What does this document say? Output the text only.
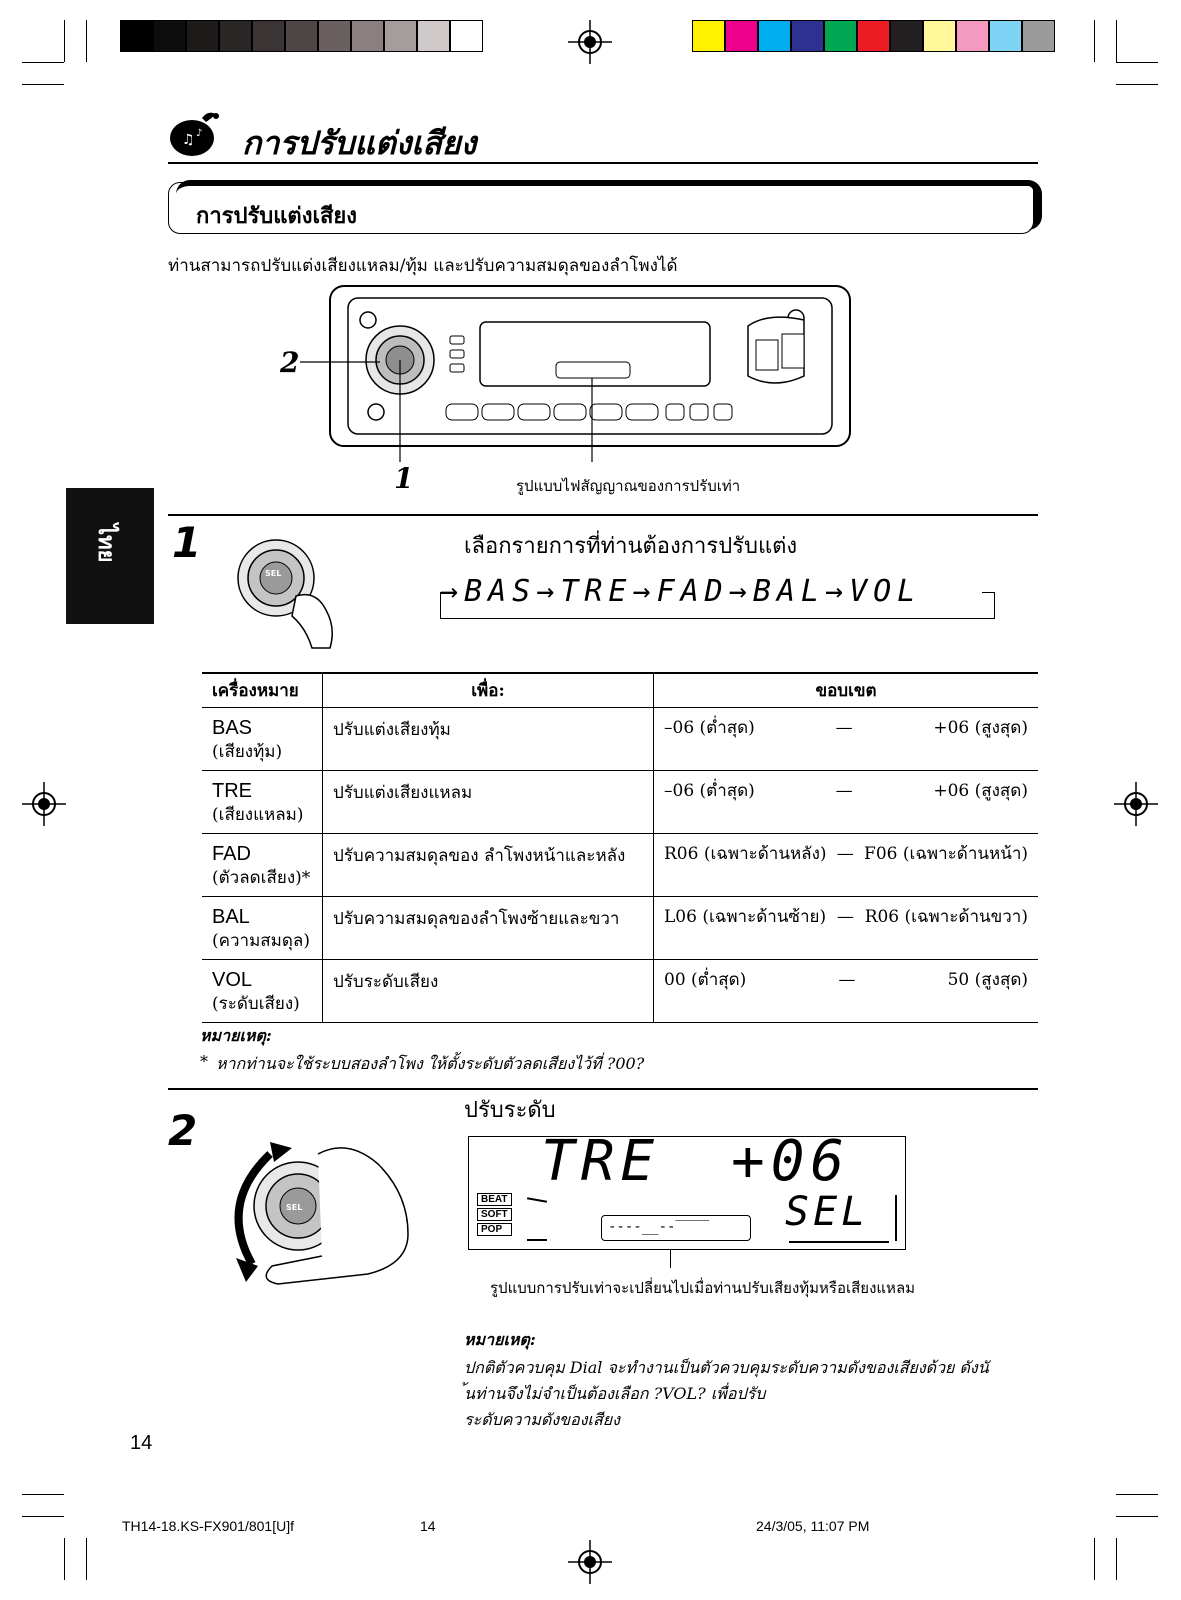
♫ ♪ การปรับแต่งเสียง
การปรับแต่งเสียง
ท่านสามารถปรับแต่งเสียงแหลม/ทุ้ม และปรับความสมดุลของลำโพงได้
2
1	รูปแบบไฟสัญญาณของการปรับเท่า
ไทย 1
SEL
เลือกรายการที่ท่านต้องการปรับแต่ง
→BAS→TRE→FAD→BAL→VOL
เครื่องหมาย	เพื่อ:	ขอบเขต

BAS
(เสียงทุ้ม)	ปรับแต่งเสียงทุ้ม	–06 (ต่ำสุด) — +06 (สูงสุด)

TRE
(เสียงแหลม)	ปรับแต่งเสียงแหลม	–06 (ต่ำสุด) — +06 (สูงสุด)

FAD
(ตัวลดเสียง)*	ปรับความสมดุลของ ลำโพงหน้าและหลัง	R06 (เฉพาะด้านหลัง) — F06 (เฉพาะด้านหน้า)

BAL
(ความสมดุล)	ปรับความสมดุลของลำโพงซ้ายและขวา	L06 (เฉพาะด้านซ้าย) — R06 (เฉพาะด้านขวา)

VOL
(ระดับเสียง)	ปรับระดับเสียง	00 (ต่ำสุด) — 50 (สูงสุด)
หมายเหตุ:
* หากท่านจะใช้ระบบสองลำโพง ให้ตั้งระดับตัวลดเสียงไว้ที่ ?00?
2
SEL
ปรับระดับ
TRE +06
SEL
BEAT
SOFT
POP	----__--‾‾‾‾
รูปแบบการปรับเท่าจะเปลี่ยนไปเมื่อท่านปรับเสียงทุ้มหรือเสียงแหลม
หมายเหตุ:
ปกติตัวควบคุม Dial จะทำงานเป็นตัวควบคุมระดับความดังของเสียงด้วย ดังนั
้นท่านจึงไม่จำเป็นต้องเลือก ?VOL? เพื่อปรับ
ระดับความดังของเสียง
14
TH14-18.KS-FX901/801[U]f	14	24/3/05, 11:07 PM
